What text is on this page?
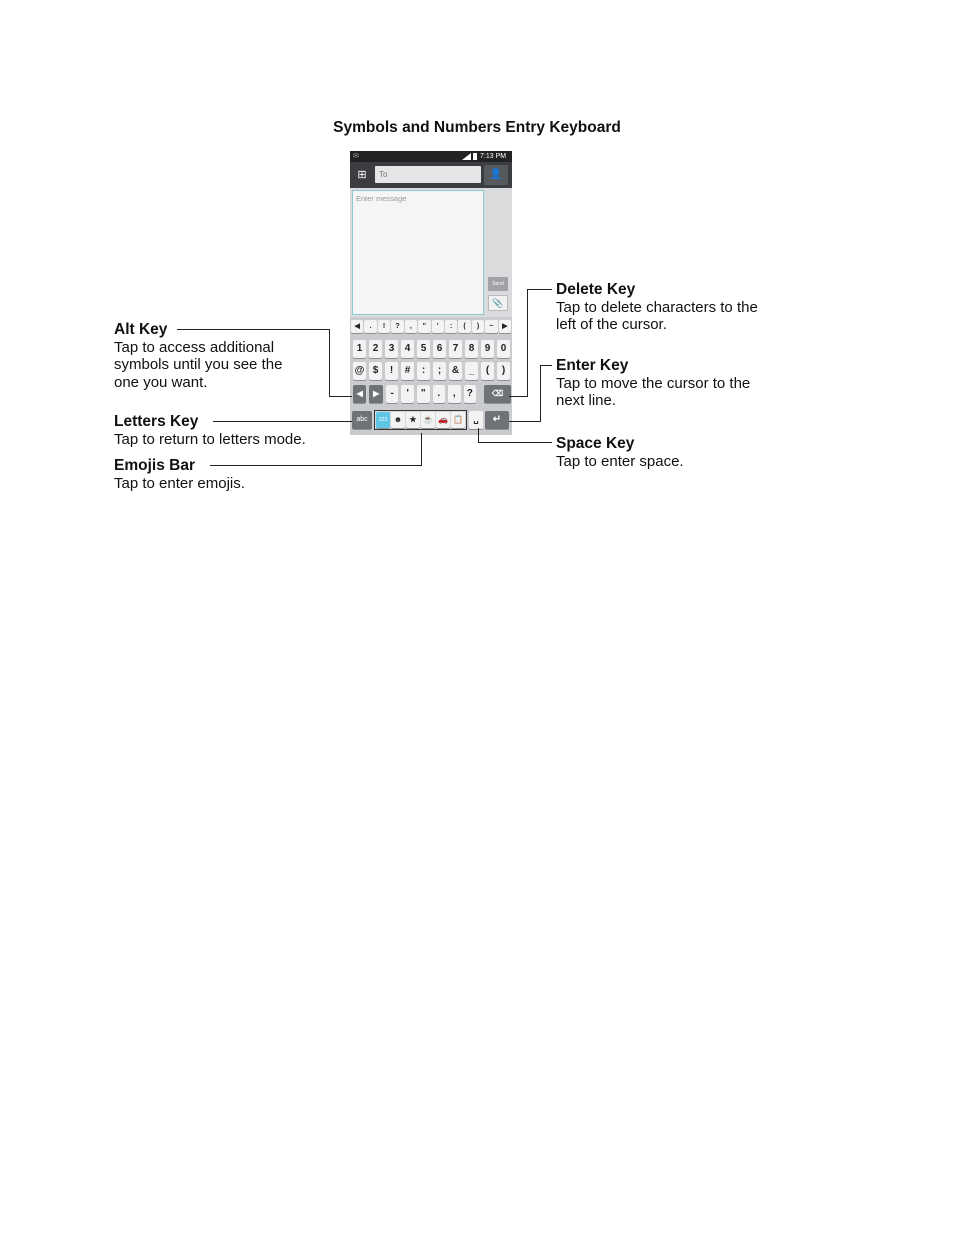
Symbols and Numbers Entry Keyboard
✉	7:13 PM
⊞	To	👤
Enter message
Send
📎
◀	.	!	?	,	"	'	:	(	)	~	▶
1	2	3	4	5	6	7	8	9	0
@ $	!	#	:	;	& _	(	)
◀	▶	-	'	"	.	,	?	⌫
abc	123 ☻ ★ ☕ 🚗 📋	␣	↵
Alt Key
Tap to access additional
symbols until you see the
one you want.
Letters Key
Tap to return to letters mode.
Emojis Bar
Tap to enter emojis.
Delete Key
Tap to delete characters to the
left of the cursor.
Enter Key
Tap to move the cursor to the
next line.
Space Key
Tap to enter space.
